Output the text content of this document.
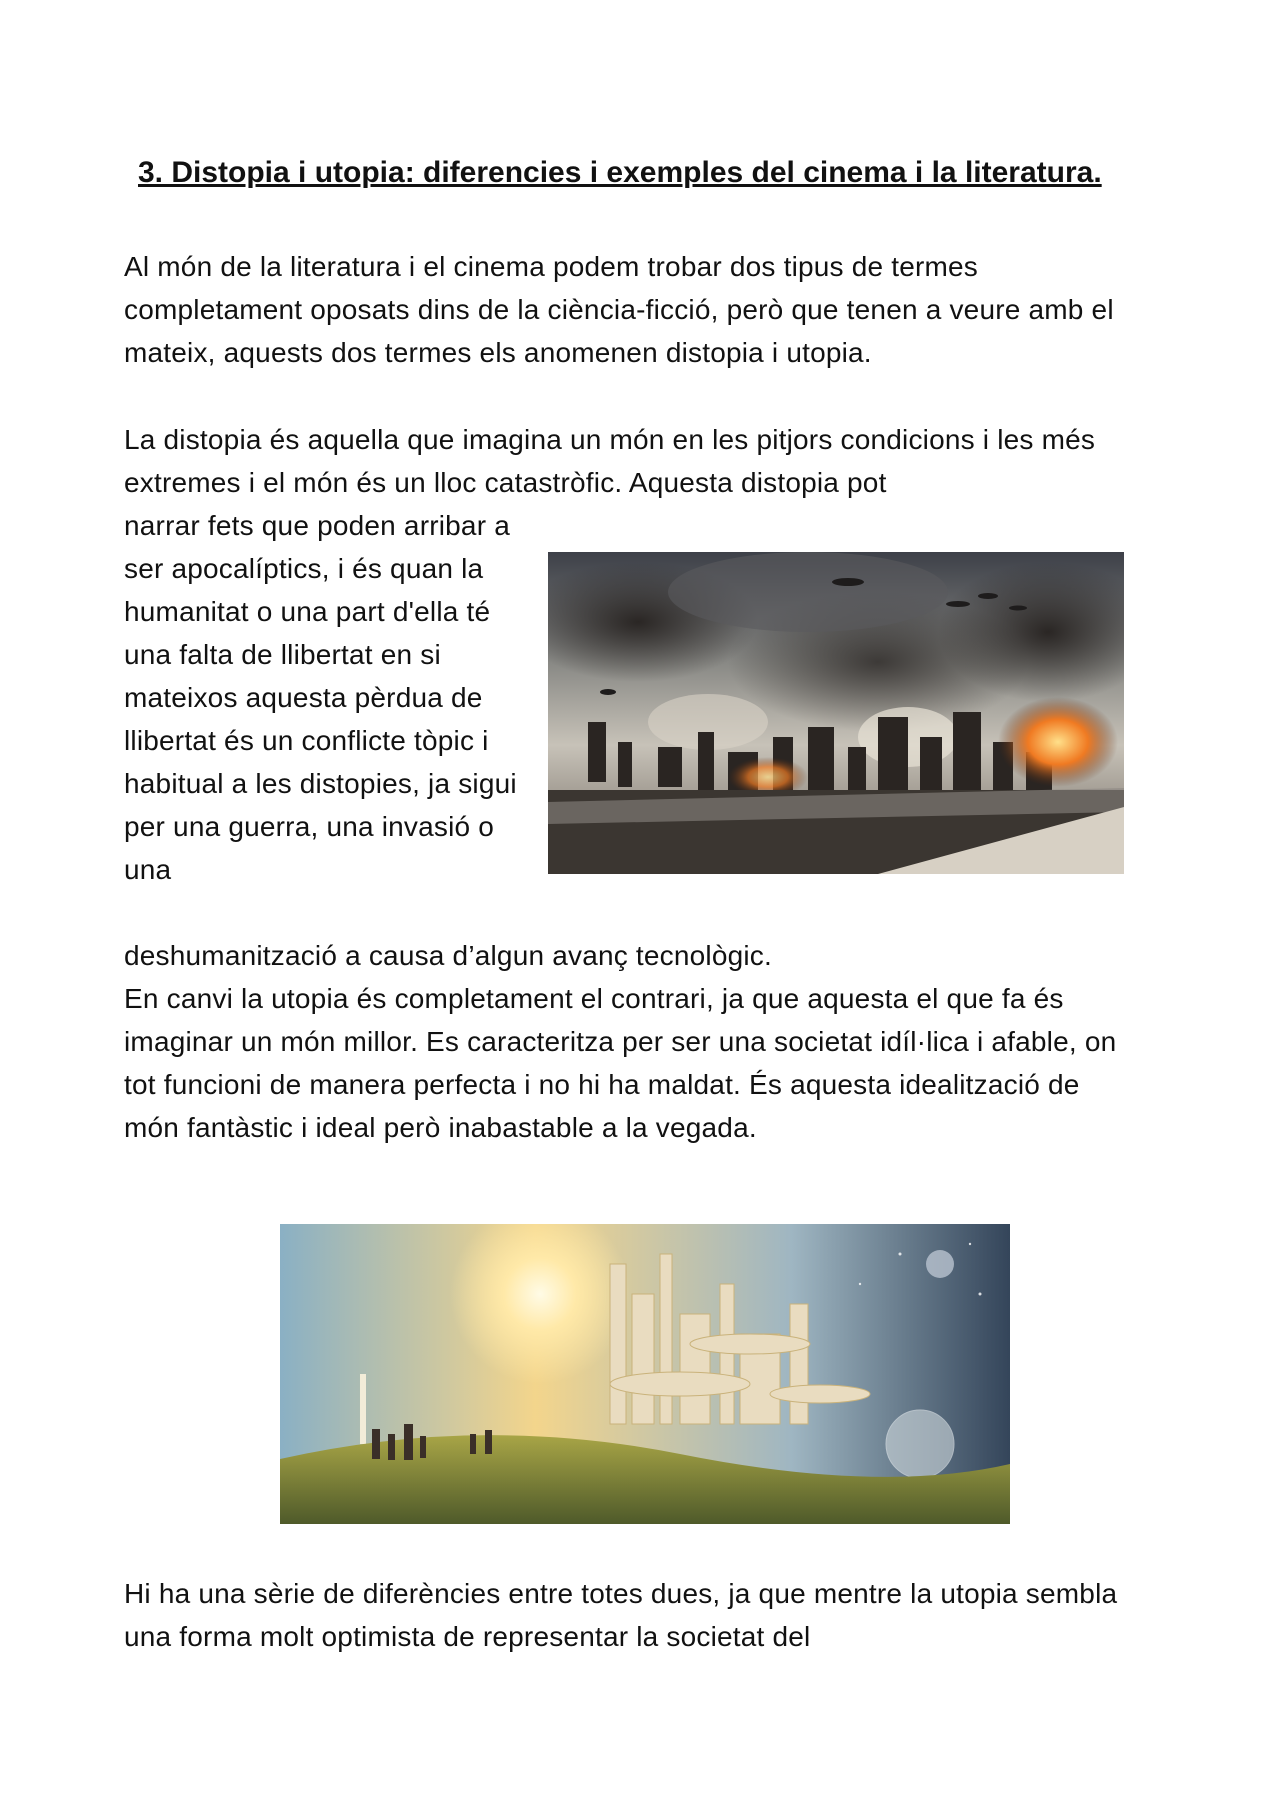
3. Distopia i utopia: diferencies i exemples del cinema i la literatura.

Al món de la literatura i el cinema podem trobar dos tipus de termes completament oposats dins de la ciència-ficció, però que tenen a veure amb el mateix, aquests dos termes els anomenen distopia i utopia.

La distopia és aquella que imagina un món en les pitjors condicions i les més extremes i el món és un lloc catastròfic. Aquesta distopia pot

narrar fets que poden arribar a ser apocalíptics, i és quan la humanitat o una part d'ella té una falta de llibertat en si mateixos aquesta pèrdua de llibertat és un conflicte tòpic i habitual a les distopies, ja sigui per una guerra, una invasió o una

deshumanització a causa d’algun avanç tecnològic.

En canvi la utopia és completament el contrari, ja que aquesta el que fa és imaginar un món millor. Es caracteritza per ser una societat idíl·lica i afable, on tot funcioni de manera perfecta i no hi ha maldat. És aquesta idealització de món fantàstic i ideal però inabastable a la vegada.

Hi ha una sèrie de diferències entre totes dues, ja que mentre la utopia sembla una forma molt optimista de representar la societat del
